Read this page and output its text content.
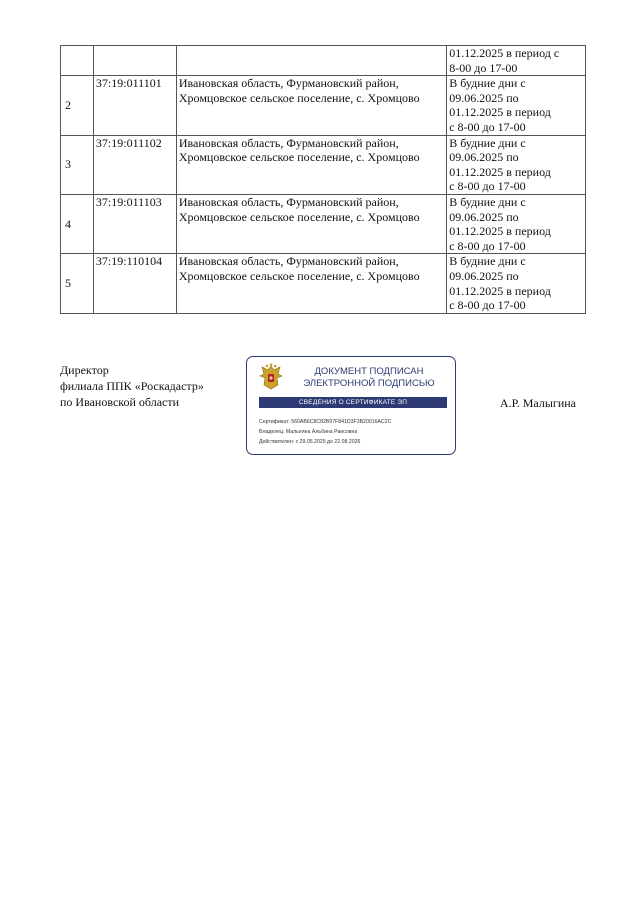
			01.12.2025 в период с
8-00 до 17-00
2	37:19:011101	Ивановская область, Фурмановский район, Хромцовское сельское поселение, с. Хромцово	В будние дни с
09.06.2025 по
01.12.2025 в период
с 8-00 до 17-00
3	37:19:011102	Ивановская область, Фурмановский район, Хромцовское сельское поселение, с. Хромцово	В будние дни с
09.06.2025 по
01.12.2025 в период
с 8-00 до 17-00
4	37:19:011103	Ивановская область, Фурмановский район, Хромцовское сельское поселение, с. Хромцово	В будние дни с
09.06.2025 по
01.12.2025 в период
с 8-00 до 17-00
5	37:19:110104	Ивановская область, Фурмановский район, Хромцовское сельское поселение, с. Хромцово	В будние дни с
09.06.2025 по
01.12.2025 в период
с 8-00 до 17-00
Директор
филиала ППК «Роскадастр»
по Ивановской области
ДОКУМЕНТ ПОДПИСАН
ЭЛЕКТРОННОЙ ПОДПИСЬЮ
СВЕДЕНИЯ О СЕРТИФИКАТЕ ЭП
Сертификат: 560AB6C8C82B97F841D3F3B20016AC2C
Владелец: Малыгина Альбина Раисовна
Действителен: с 29.05.2025 до 22.08.2026
А.Р. Малыгина
